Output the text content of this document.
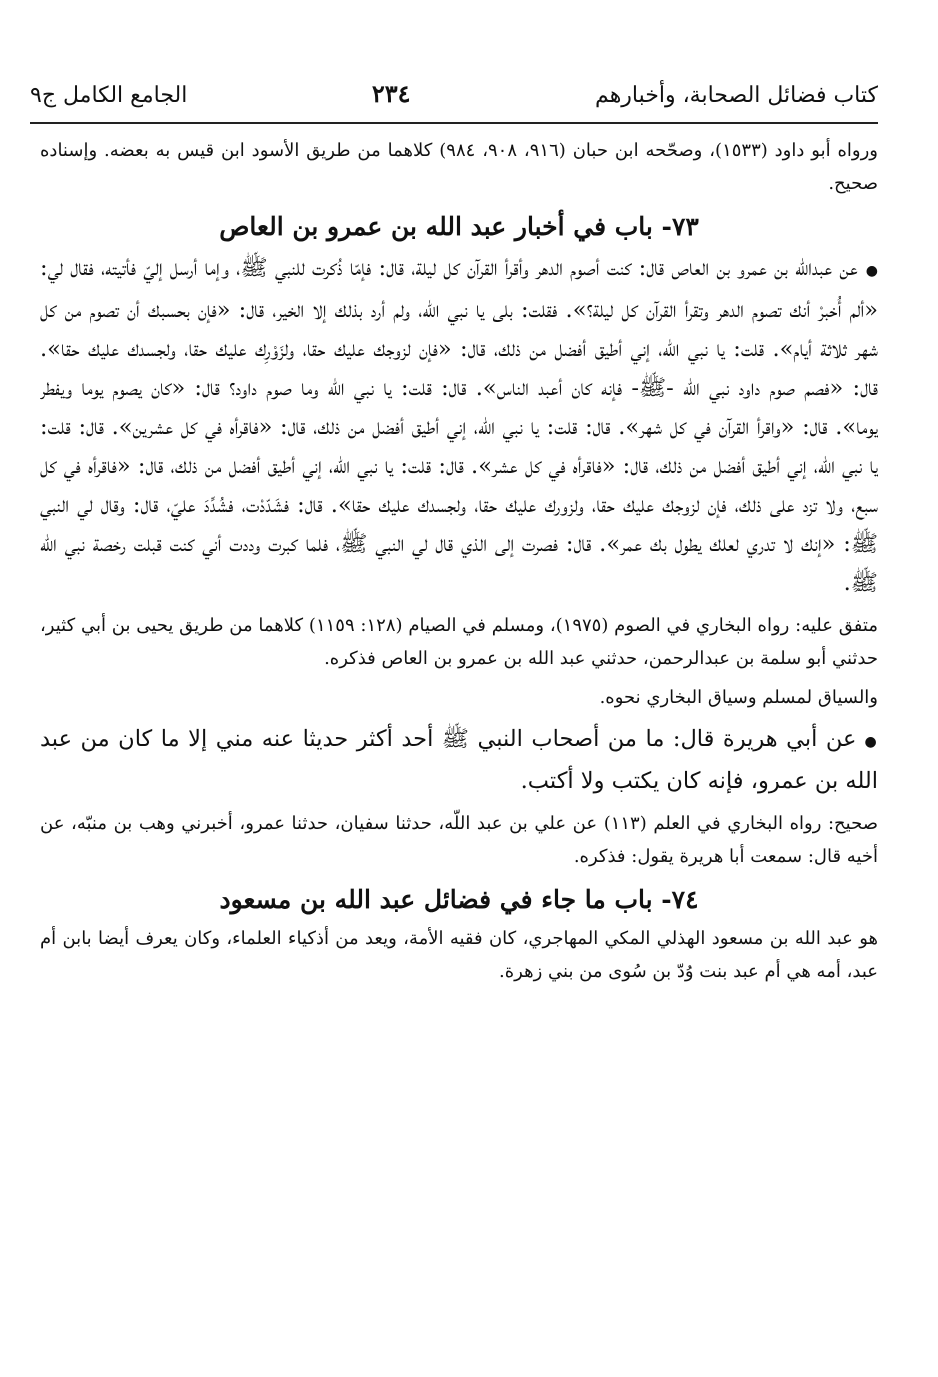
كتاب فضائل الصحابة، وأخبارهم
٢٣٤
الجامع الكامل ج٩

ورواه أبو داود (١٥٣٣)، وصحّحه ابن حبان (٩١٦، ٩٠٨، ٩٨٤) كلاهما من طريق الأسود ابن قيس به بعضه. وإسناده صحيح.

٧٣- باب في أخبار عبد الله بن عمرو بن العاص

●عن عبدالله بن عمرو بن العاص قال: كنت أصوم الدهر وأقرأ القرآن كل ليلة، قال: فإمّا ذُكرت للنبي ﷺ، وإما أرسل إليّ فأتيته، فقال لي: «ألم أُخبرْ أنك تصوم الدهر وتقرأ القرآن كل ليلة؟». فقلت: بلى يا نبي اللّه، ولم أرد بذلك إلا الخير، قال: «فإن بحسبك أن تصوم من كل شهر ثلاثة أيام». قلت: يا نبي اللّه، إني أطيق أفضل من ذلك، قال: «فإن لزوجك عليك حقا، ولزَوْرِك عليك حقا، ولجسدك عليك حقا». قال: «فصم صوم داود نبي الله -ﷺ- فإنه كان أعبد الناس». قال: قلت: يا نبي الله وما صوم داود؟ قال: «كان يصوم يوما ويفطر يوما». قال: «واقرأ القرآن في كل شهر». قال: قلت: يا نبي اللّه، إني أطيق أفضل من ذلك، قال: «فاقرأه في كل عشرين». قال: قلت: يا نبي اللّه، إني أطيق أفضل من ذلك، قال: «فاقرأه في كل عشر». قال: قلت: يا نبي اللّه، إني أطيق أفضل من ذلك، قال: «فاقرأه في كل سبع، ولا تزد على ذلك، فإن لزوجك عليك حقا، ولزورك عليك حقا، ولجسدك عليك حقا». قال: فشَدّدْت، فشُدِّدَ عليّ، قال: وقال لي النبي ﷺ: «إنك لا تدري لعلك يطول بك عمر». قال: فصرت إلى الذي قال لي النبي ﷺ، فلما كبرت وددت أني كنت قبلت رخصة نبي الله ﷺ.

متفق عليه: رواه البخاري في الصوم (١٩٧٥)، ومسلم في الصيام (١٢٨: ١١٥٩) كلاهما من طريق يحيى بن أبي كثير، حدثني أبو سلمة بن عبدالرحمن، حدثني عبد الله بن عمرو بن العاص فذكره.

والسياق لمسلم وسياق البخاري نحوه.

●عن أبي هريرة قال: ما من أصحاب النبي ﷺ أحد أكثر حديثا عنه مني إلا ما كان من عبد الله بن عمرو، فإنه كان يكتب ولا أكتب.

صحيح: رواه البخاري في العلم (١١٣) عن علي بن عبد اللّه، حدثنا سفيان، حدثنا عمرو، أخبرني وهب بن منبّه، عن أخيه قال: سمعت أبا هريرة يقول: فذكره.

٧٤- باب ما جاء في فضائل عبد الله بن مسعود

هو عبد الله بن مسعود الهذلي المكي المهاجري، كان فقيه الأمة، ويعد من أذكياء العلماء، وكان يعرف أيضا بابن أم عبد، أمه هي أم عبد بنت وُدّ بن سُوى من بني زهرة.
